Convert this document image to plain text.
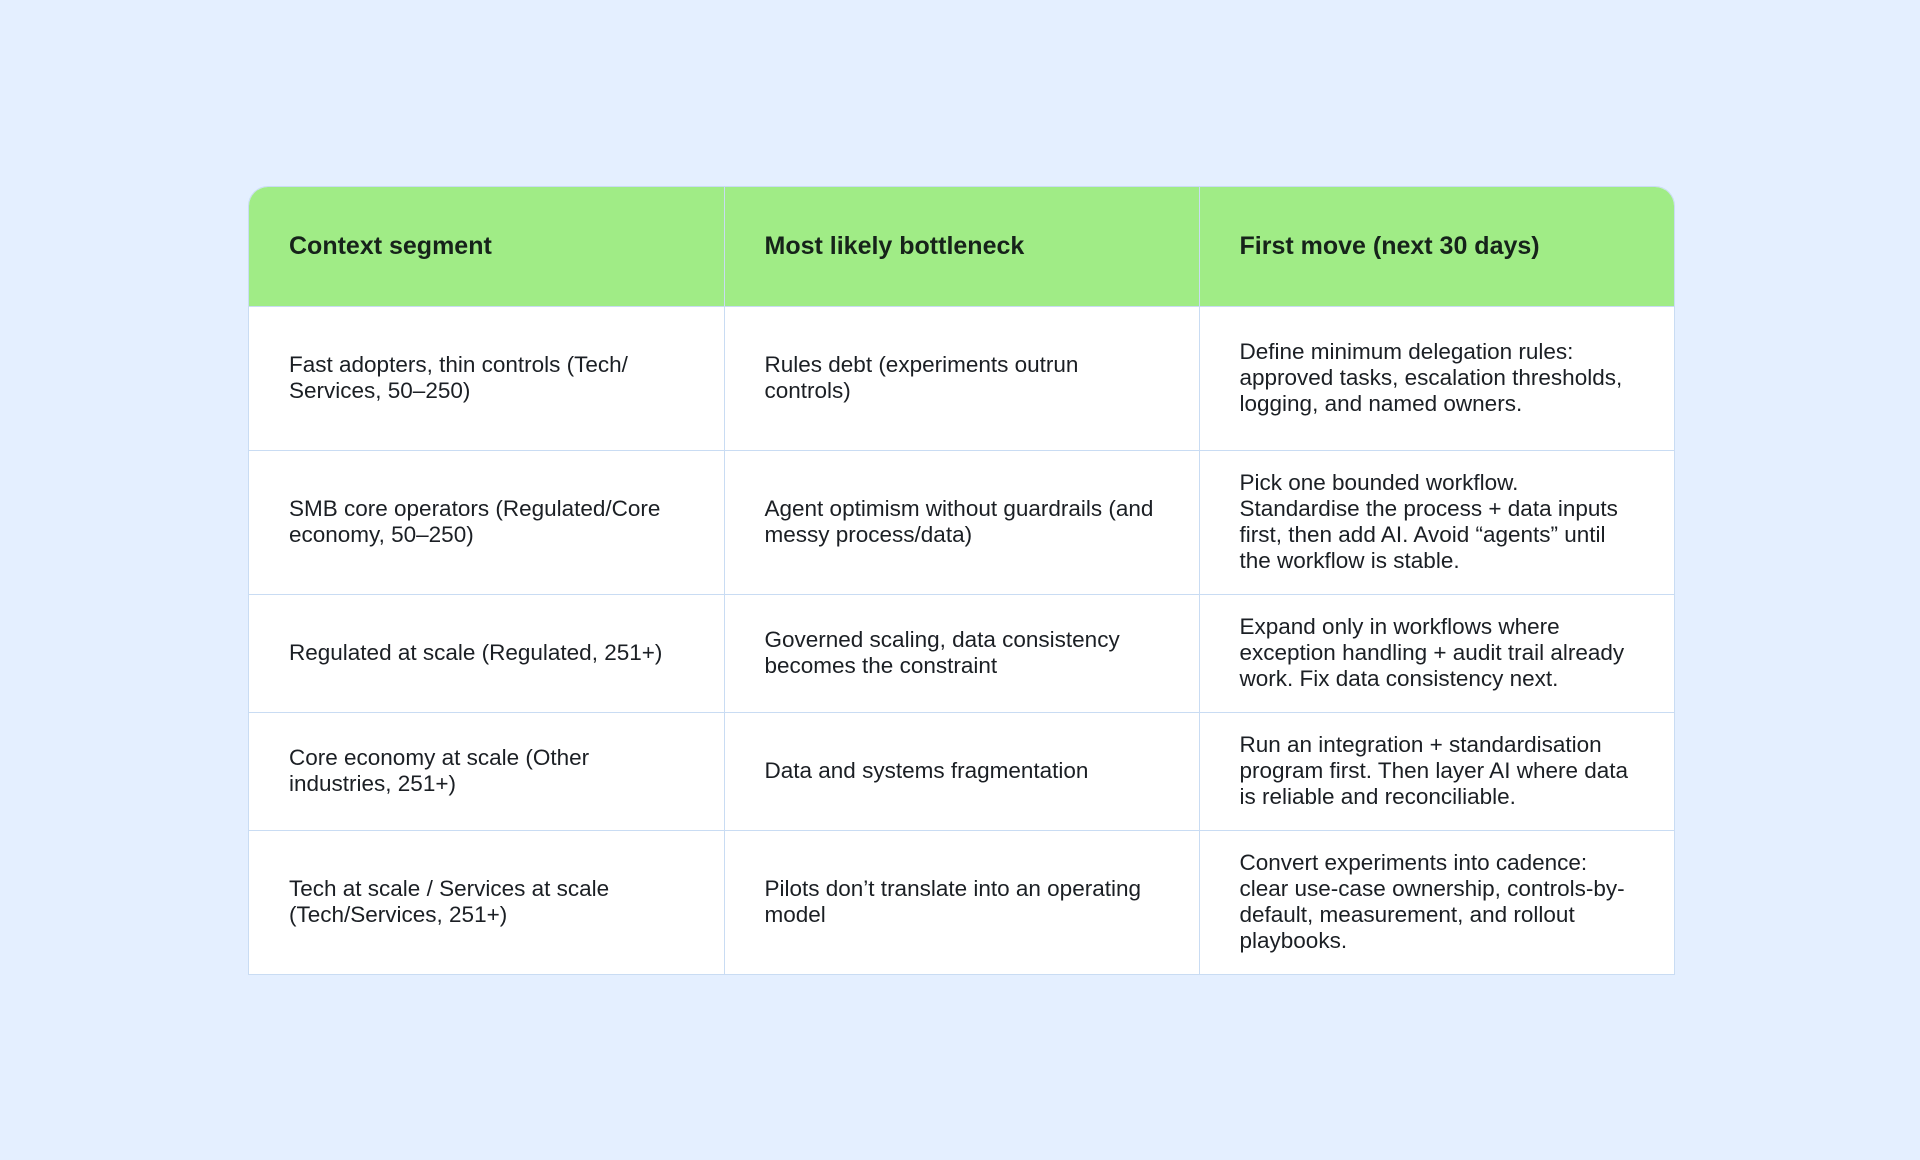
Context segment	Most likely bottleneck	First move (next 30 days)
Fast adopters, thin controls (Tech/ Services, 50–250)	Rules debt (experiments outrun controls)	Define minimum delegation rules: approved tasks, escalation thresholds, logging, and named owners.
SMB core operators (Regulated/Core economy, 50–250)	Agent optimism without guardrails (and messy process/data)	Pick one bounded workflow. Standardise the process + data inputs first, then add AI. Avoid “agents” until the workflow is stable.
Regulated at scale (Regulated, 251+)	Governed scaling, data consistency becomes the constraint	Expand only in workflows where exception handling + audit trail already work. Fix data consistency next.
Core economy at scale (Other industries, 251+)	Data and systems fragmentation	Run an integration + standardisation program first. Then layer AI where data is reliable and reconciliable.
Tech at scale / Services at scale (Tech/Services, 251+)	Pilots don’t translate into an operating model	Convert experiments into cadence: clear use-case ownership, controls-by-default, measurement, and rollout playbooks.
